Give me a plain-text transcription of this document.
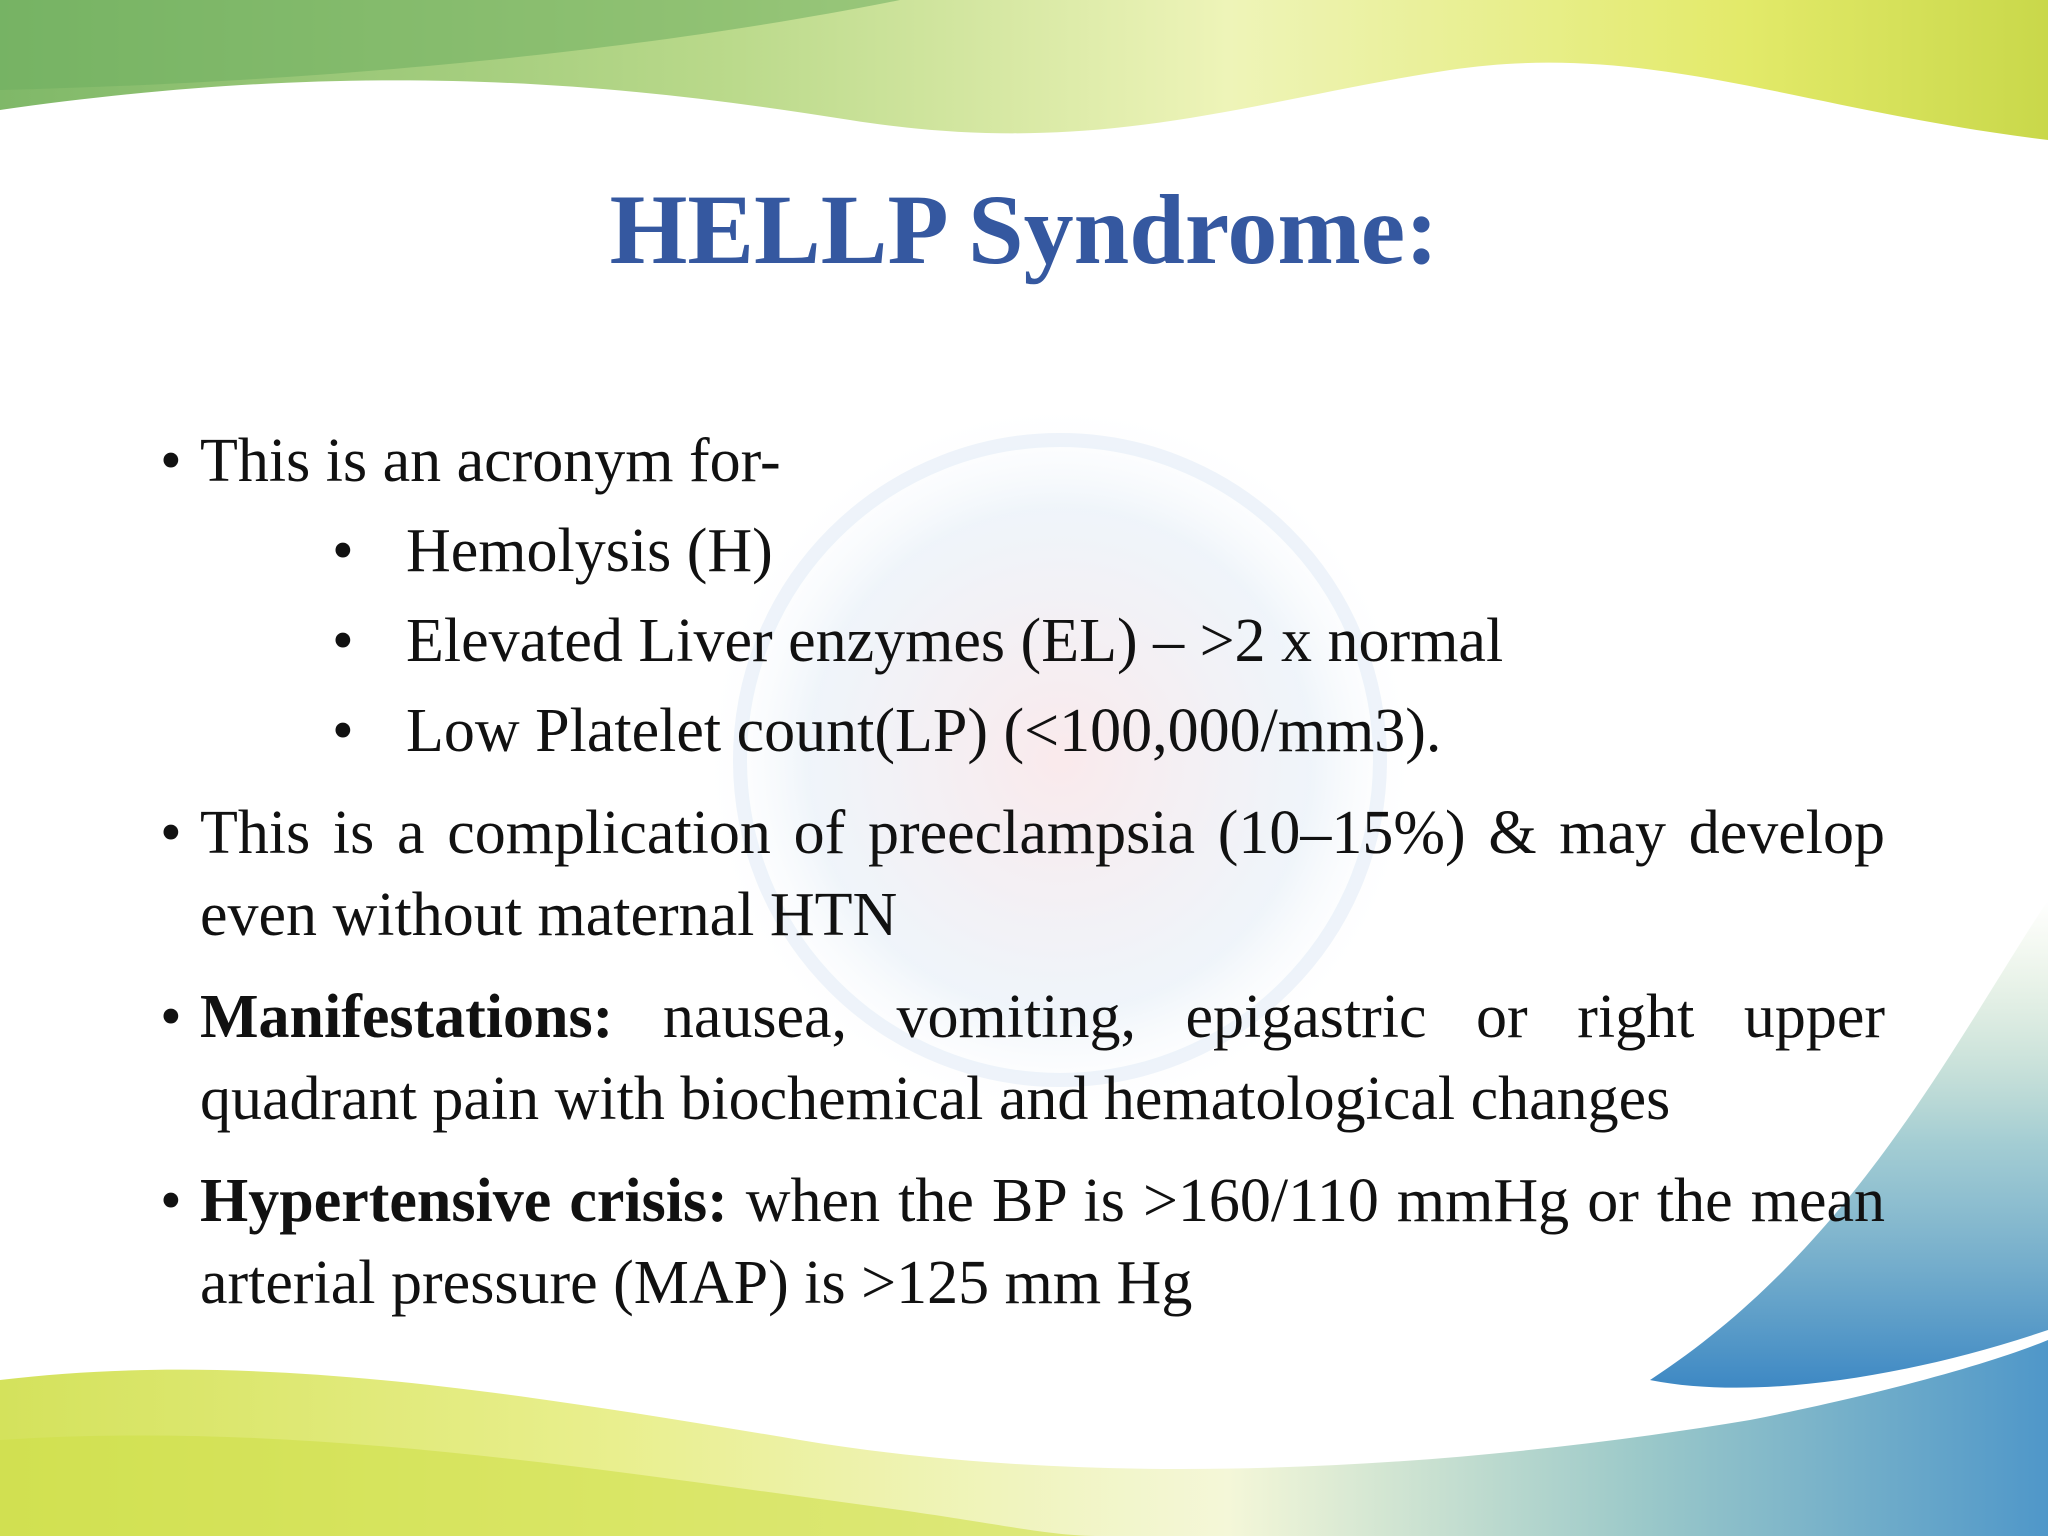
HELLP Syndrome:
• This is an acronym for-
• Hemolysis (H)
• Elevated Liver enzymes (EL) – >2 x normal
• Low Platelet count(LP) (<100,000/mm3).
• This is a complication of preeclampsia (10–15%) & may develop even without maternal HTN
• Manifestations: nausea, vomiting, epigastric or right upper quadrant pain with biochemical and hematological changes
• Hypertensive crisis: when the BP is >160/110 mmHg or the mean arterial pressure (MAP) is >125 mm Hg
